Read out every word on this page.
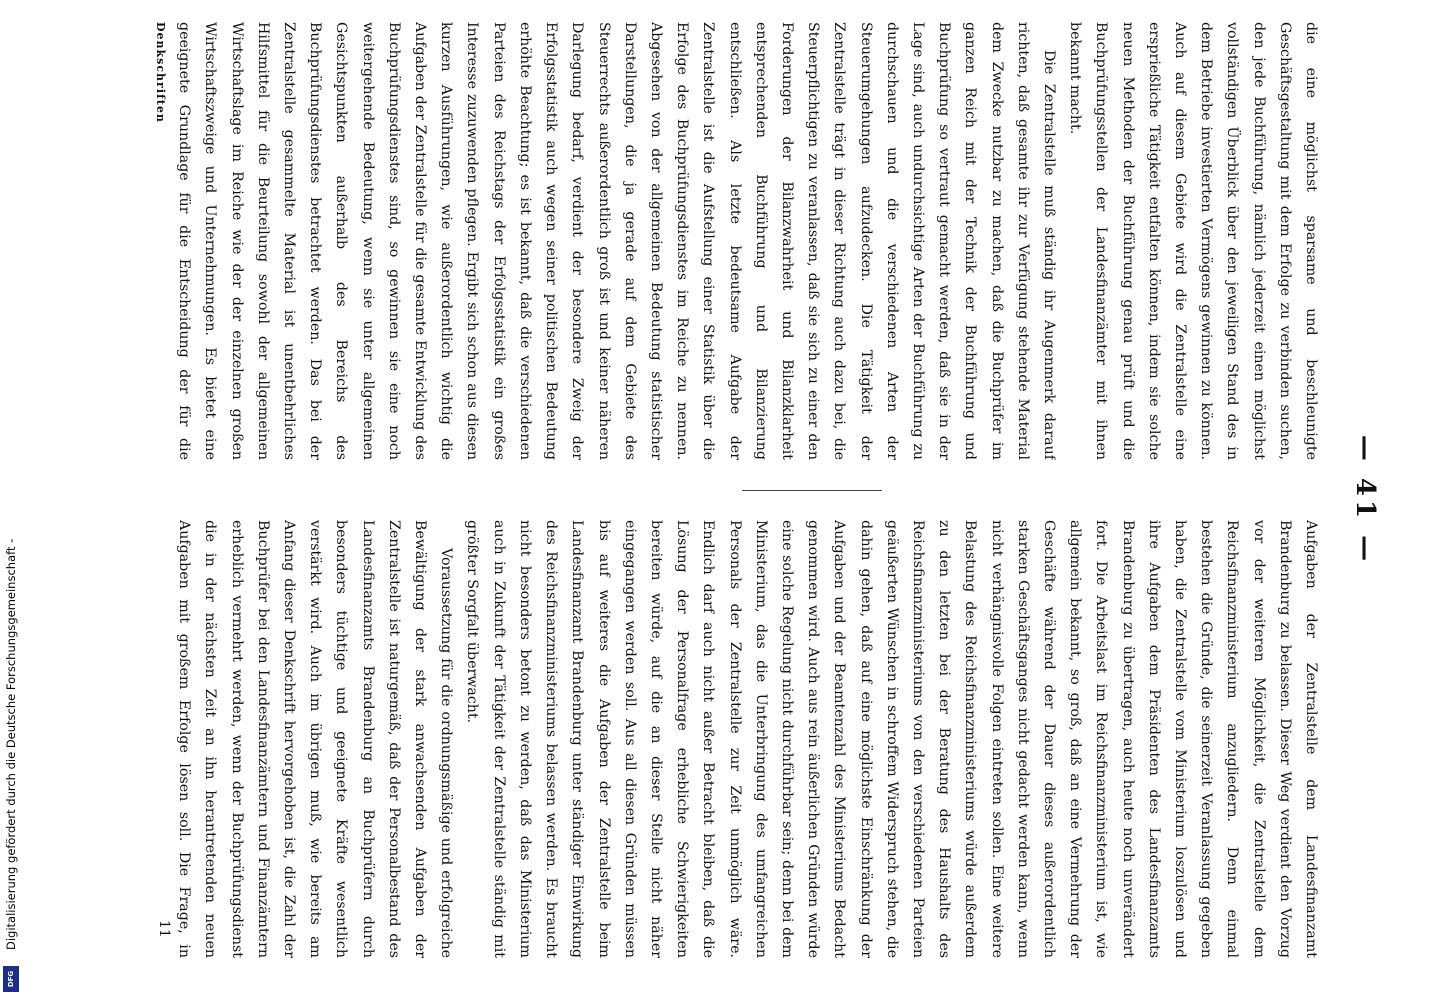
Digitalisierung gefördert durch die Deutsche Forschungsgemeinschaft -
DFG
— 41 —

die eine möglichst sparsame und beschleunigte Geschäftsgestaltung mit dem Erfolge zu verbinden suchen, den jede Buchführung, nämlich jederzeit einen möglichst vollständigen Überblick über den jeweiligen Stand des in dem Betriebe investierten Vermögens gewinnen zu können. Auch auf diesem Gebiete wird die Zentralstelle eine ersprießliche Tätigkeit entfalten können, indem sie solche neuen Methoden der Buchführung genau prüft und die Buchprüfungsstellen der Landesfinanzämter mit ihnen bekannt macht.

Die Zentralstelle muß ständig ihr Augenmerk darauf richten, daß gesamte ihr zur Verfügung stehende Material dem Zwecke nutzbar zu machen, daß die Buchprüfer im ganzen Reich mit der Technik der Buchführung und Buchprüfung so vertraut gemacht werden, daß sie in der Lage sind, auch undurchsichtige Arten der Buchführung zu durchschauen und die verschiedenen Arten der Steuerumgehungen aufzudecken. Die Tätigkeit der Zentralstelle trägt in dieser Richtung auch dazu bei, die Steuerpflichtigen zu veranlassen, daß sie sich zu einer den Forderungen der Bilanzwahrheit und Bilanzklarheit entsprechenden Buchführung und Bilanzierung entschließen. Als letzte bedeutsame Aufgabe der Zentralstelle ist die Aufstellung einer Statistik über die Erfolge des Buchprüfungsdienstes im Reiche zu nennen. Abgesehen von der allgemeinen Bedeutung statistischer Darstellungen, die ja gerade auf dem Gebiete des Steuerrechts außerordentlich groß ist und keiner näheren Darlegung bedarf, verdient der besondere Zweig der Erfolgsstatistik auch wegen seiner politischen Bedeutung erhöhte Beachtung; es ist bekannt, daß die verschiedenen Parteien des Reichstags der Erfolgsstatistik ein großes Interesse zuzuwenden pflegen. Ergibt sich schon aus diesen kurzen Ausführungen, wie außerordentlich wichtig die Aufgaben der Zentralstelle für die gesamte Entwicklung des Buchprüfungsdienstes sind, so gewinnen sie eine noch weitergehende Bedeutung, wenn sie unter allgemeinen Gesichtspunkten außerhalb des Bereichs des Buchprüfungsdienstes betrachtet werden. Das bei der Zentralstelle gesammelte Material ist unentbehrliches Hilfsmittel für die Beurteilung sowohl der allgemeinen Wirtschaftslage im Reiche wie der der einzelnen großen Wirtschaftszweige und Unternehmungen. Es bietet eine geeignete Grundlage für die Entscheidung der für die

Aufgaben der Zentralstelle dem Landesfinanzamt Brandenburg zu belassen. Dieser Weg verdient den Vorzug vor der weiteren Möglichkeit, die Zentralstelle dem Reichsfinanzministerium anzugliedern. Denn einmal bestehen die Gründe, die seinerzeit Veranlassung gegeben haben, die Zentralstelle vom Ministerium loszulösen und ihre Aufgaben dem Präsidenten des Landesfinanzamts Brandenburg zu übertragen, auch heute noch unverändert fort. Die Arbeitslast im Reichsfinanzministerium ist, wie allgemein bekannt, so groß, daß an eine Vermehrung der Geschäfte während der Dauer dieses außerordentlich starken Geschäftsganges nicht gedacht werden kann, wenn nicht verhängnisvolle Folgen eintreten sollen. Eine weitere Belastung des Reichsfinanzministeriums würde außerdem zu den letzten bei der Beratung des Haushalts des Reichsfinanzministeriums von den verschiedenen Parteien geäußerten Wünschen in schroffem Widerspruch stehen, die dahin gehen, daß auf eine möglichste Einschränkung der Aufgaben und der Beamtenzahl des Ministeriums Bedacht genommen wird. Auch aus rein äußerlichen Gründen würde eine solche Regelung nicht durchführbar sein; denn bei dem Ministerium, das die Unterbringung des umfangreichen Personals der Zentralstelle zur Zeit unmöglich wäre. Endlich darf auch nicht außer Betracht bleiben, daß die Lösung der Personalfrage erhebliche Schwierigkeiten bereiten würde, auf die an dieser Stelle nicht näher eingegangen werden soll. Aus all diesen Gründen müssen bis auf weiteres die Aufgaben der Zentralstelle beim Landesfinanzamt Brandenburg unter ständiger Einwirkung des Reichsfinanzministeriums belassen werden. Es braucht nicht besonders betont zu werden, daß das Ministerium auch in Zukunft der Tätigkeit der Zentralstelle ständig mit größter Sorgfalt überwacht.

Voraussetzung für die ordnungsmäßige und erfolgreiche Bewältigung der stark anwachsenden Aufgaben der Zentralstelle ist naturgemäß, daß der Personalbestand des Landesfinanzamts Brandenburg an Buchprüfern durch besonders tüchtige und geeignete Kräfte wesentlich verstärkt wird. Auch im übrigen muß, wie bereits am Anfang dieser Denkschrift hervorgehoben ist, die Zahl der Buchprüfer bei den Landesfinanzämtern und Finanzämtern erheblich vermehrt werden, wenn der Buchprüfungsdienst die in der nächsten Zeit an ihn herantretenden neuen Aufgaben mit großem Erfolge lösen soll. Die Frage, in

Denkschriften
11
